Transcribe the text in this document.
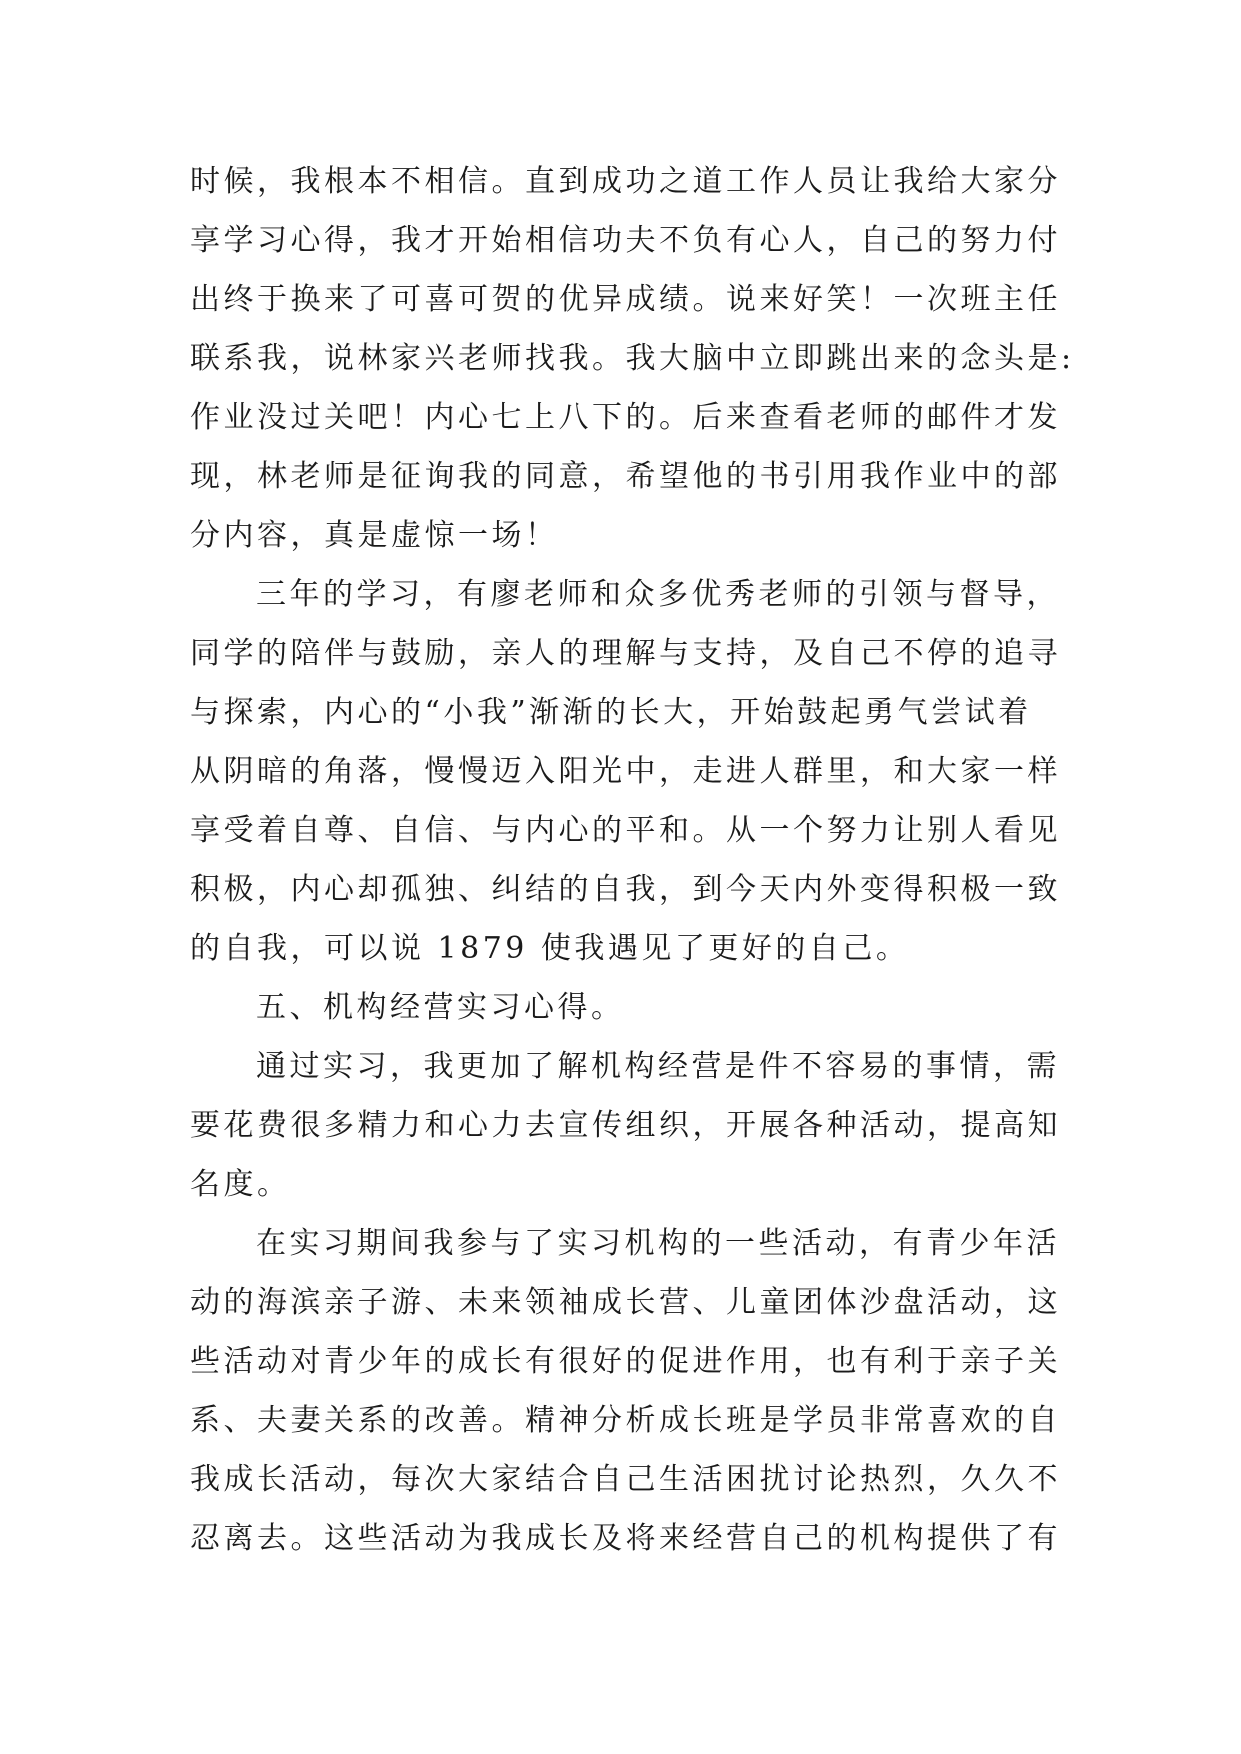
时候，我根本不相信。直到成功之道工作人员让我给大家分
享学习心得，我才开始相信功夫不负有心人，自己的努力付
出终于换来了可喜可贺的优异成绩。说来好笑！一次班主任
联系我，说林家兴老师找我。我大脑中立即跳出来的念头是:
作业没过关吧！内心七上八下的。后来查看老师的邮件才发
现，林老师是征询我的同意，希望他的书引用我作业中的部
分内容，真是虚惊一场！
三年的学习，有廖老师和众多优秀老师的引领与督导，
同学的陪伴与鼓励，亲人的理解与支持，及自己不停的追寻
与探索，内心的“小我”渐渐的长大，开始鼓起勇气尝试着
从阴暗的角落，慢慢迈入阳光中，走进人群里，和大家一样
享受着自尊、自信、与内心的平和。从一个努力让别人看见
积极，内心却孤独、纠结的自我，到今天内外变得积极一致
的自我，可以说 1879 使我遇见了更好的自己。
五、机构经营实习心得。
通过实习，我更加了解机构经营是件不容易的事情，需
要花费很多精力和心力去宣传组织，开展各种活动，提高知
名度。
在实习期间我参与了实习机构的一些活动，有青少年活
动的海滨亲子游、未来领袖成长营、儿童团体沙盘活动，这
些活动对青少年的成长有很好的促进作用，也有利于亲子关
系、夫妻关系的改善。精神分析成长班是学员非常喜欢的自
我成长活动，每次大家结合自己生活困扰讨论热烈，久久不
忍离去。这些活动为我成长及将来经营自己的机构提供了有
